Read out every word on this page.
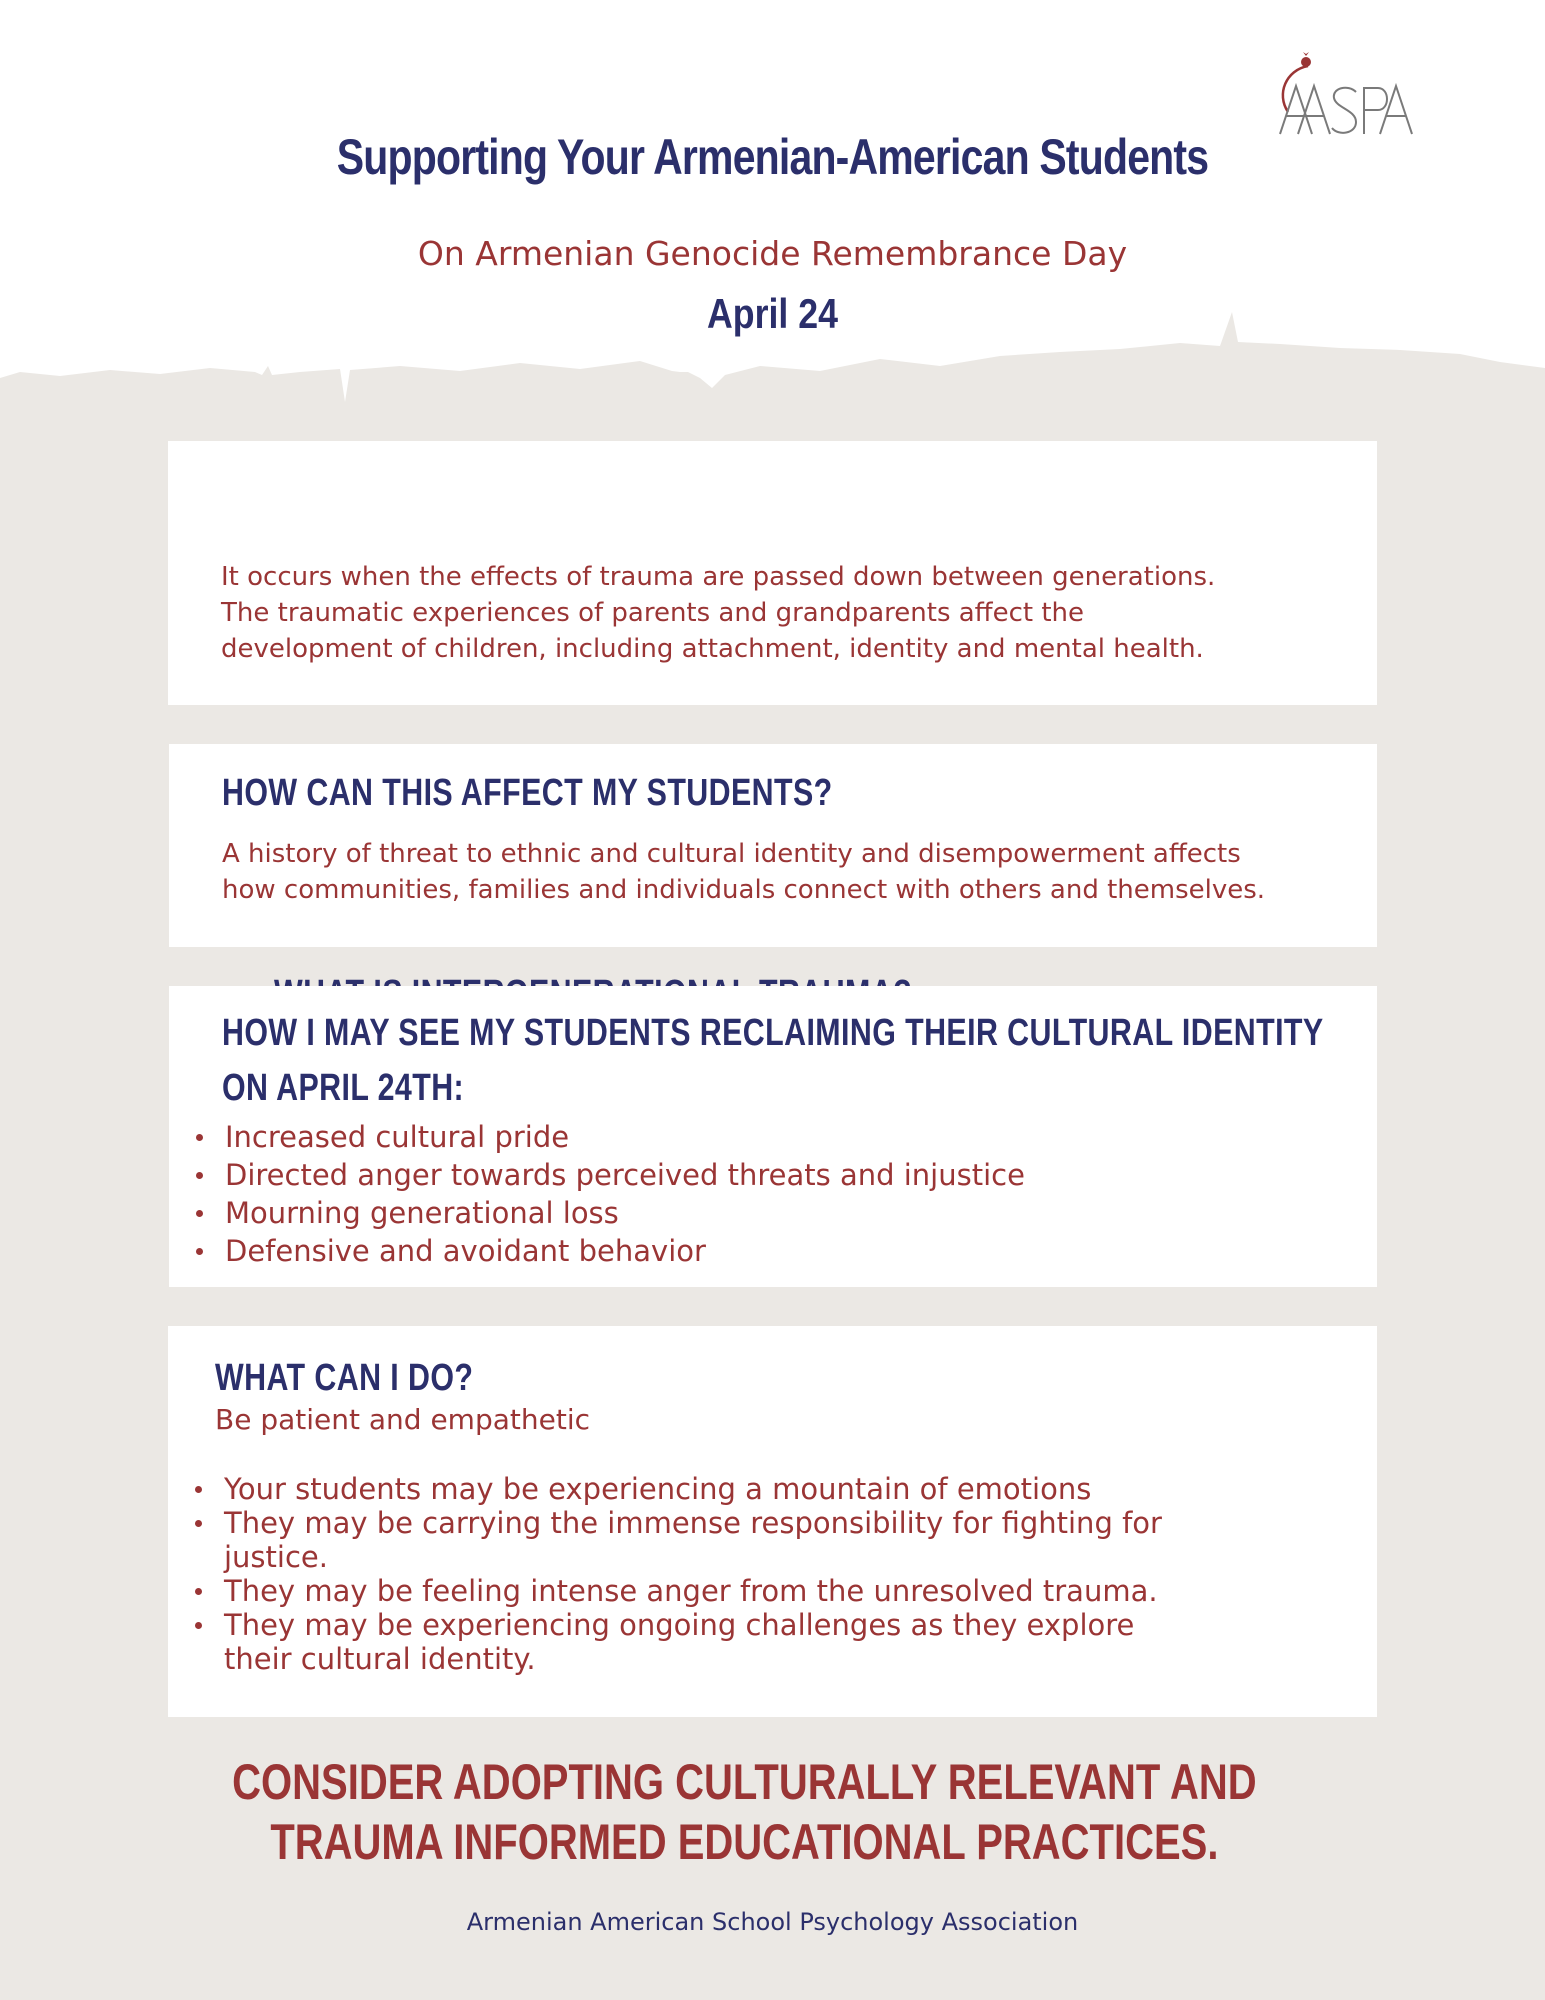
Supporting Your Armenian-American Students

On Armenian Genocide Remembrance Day

April 24

It occurs when the effects of trauma are passed down between generations.
The traumatic experiences of parents and grandparents affect the
development of children, including attachment, identity and mental health.

HOW CAN THIS AFFECT MY STUDENTS?

A history of threat to ethnic and cultural identity and disempowerment affects
how communities, families and individuals connect with others and themselves.

HOW I MAY SEE MY STUDENTS RECLAIMING THEIR CULTURAL IDENTITY
ON APRIL 24TH:
Increased cultural pride
Directed anger towards perceived threats and injustice
Mourning generational loss
Defensive and avoidant behavior
WHAT CAN I DO?

Be patient and empathetic

Your students may be experiencing a mountain of emotions
They may be carrying the immense responsibility for fighting for
justice.
They may be feeling intense anger from the unresolved trauma.
They may be experiencing ongoing challenges as they explore
their cultural identity.
CONSIDER ADOPTING CULTURALLY RELEVANT AND
TRAUMA INFORMED EDUCATIONAL PRACTICES.

Armenian American School Psychology Association
